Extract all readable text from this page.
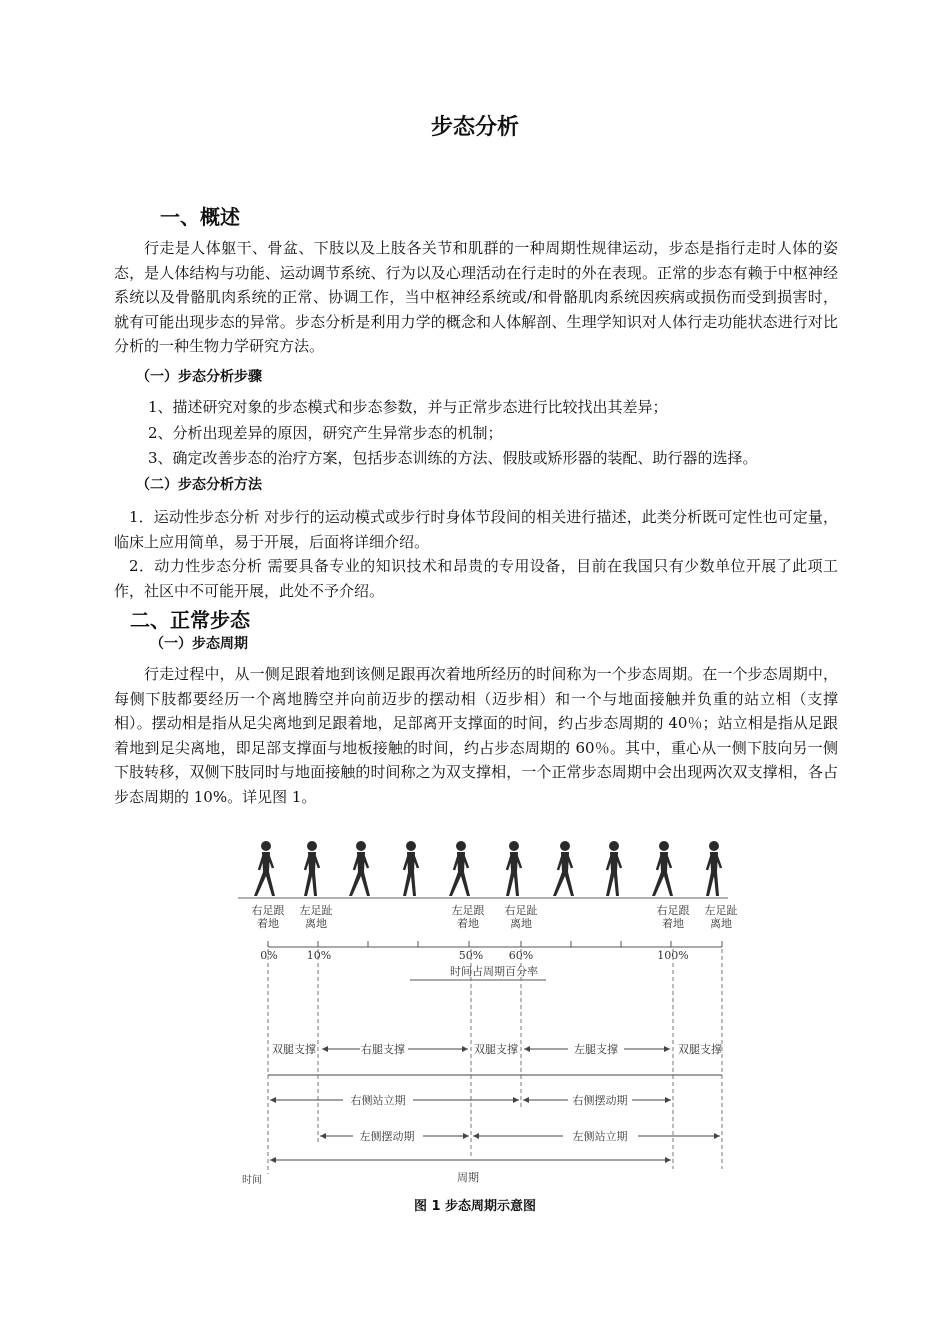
步态分析
一、概述
行走是人体躯干、骨盆、下肢以及上肢各关节和肌群的一种周期性规律运动，步态是指行走时人体的姿态，是人体结构与功能、运动调节系统、行为以及心理活动在行走时的外在表现。正常的步态有赖于中枢神经系统以及骨骼肌肉系统的正常、协调工作，当中枢神经系统或/和骨骼肌肉系统因疾病或损伤而受到损害时，就有可能出现步态的异常。步态分析是利用力学的概念和人体解剖、生理学知识对人体行走功能状态进行对比分析的一种生物力学研究方法。
（一）步态分析步骤
1、描述研究对象的步态模式和步态参数，并与正常步态进行比较找出其差异；
2、分析出现差异的原因，研究产生异常步态的机制；
3、确定改善步态的治疗方案，包括步态训练的方法、假肢或矫形器的装配、助行器的选择。
（二）步态分析方法
1．运动性步态分析 对步行的运动模式或步行时身体节段间的相关进行描述，此类分析既可定性也可定量，临床上应用简单，易于开展，后面将详细介绍。
2．动力性步态分析 需要具备专业的知识技术和昂贵的专用设备，目前在我国只有少数单位开展了此项工作，社区中不可能开展，此处不予介绍。
二、正常步态
（一）步态周期
行走过程中，从一侧足跟着地到该侧足跟再次着地所经历的时间称为一个步态周期。在一个步态周期中，每侧下肢都要经历一个离地腾空并向前迈步的摆动相（迈步相）和一个与地面接触并负重的站立相（支撑相）。摆动相是指从足尖离地到足跟着地，足部离开支撑面的时间，约占步态周期的 40％；站立相是指从足跟着地到足尖离地，即足部支撑面与地板接触的时间，约占步态周期的 60％。其中，重心从一侧下肢向另一侧下肢转移，双侧下肢同时与地面接触的时间称之为双支撑相，一个正常步态周期中会出现两次双支撑相，各占步态周期的 10%。详见图 1。
右足跟
着地
左足趾
离地
左足跟
着地
右足趾
离地
右足跟
着地
左足趾
离地
0%	10%	50% 60%	100%
时间占周期百分率
双腿支撑	右腿支撑	双腿支撑	左腿支撑	双腿支撑
右侧站立期	右侧摆动期
左侧摆动期	左侧站立期
周期
时间
图 1 步态周期示意图
